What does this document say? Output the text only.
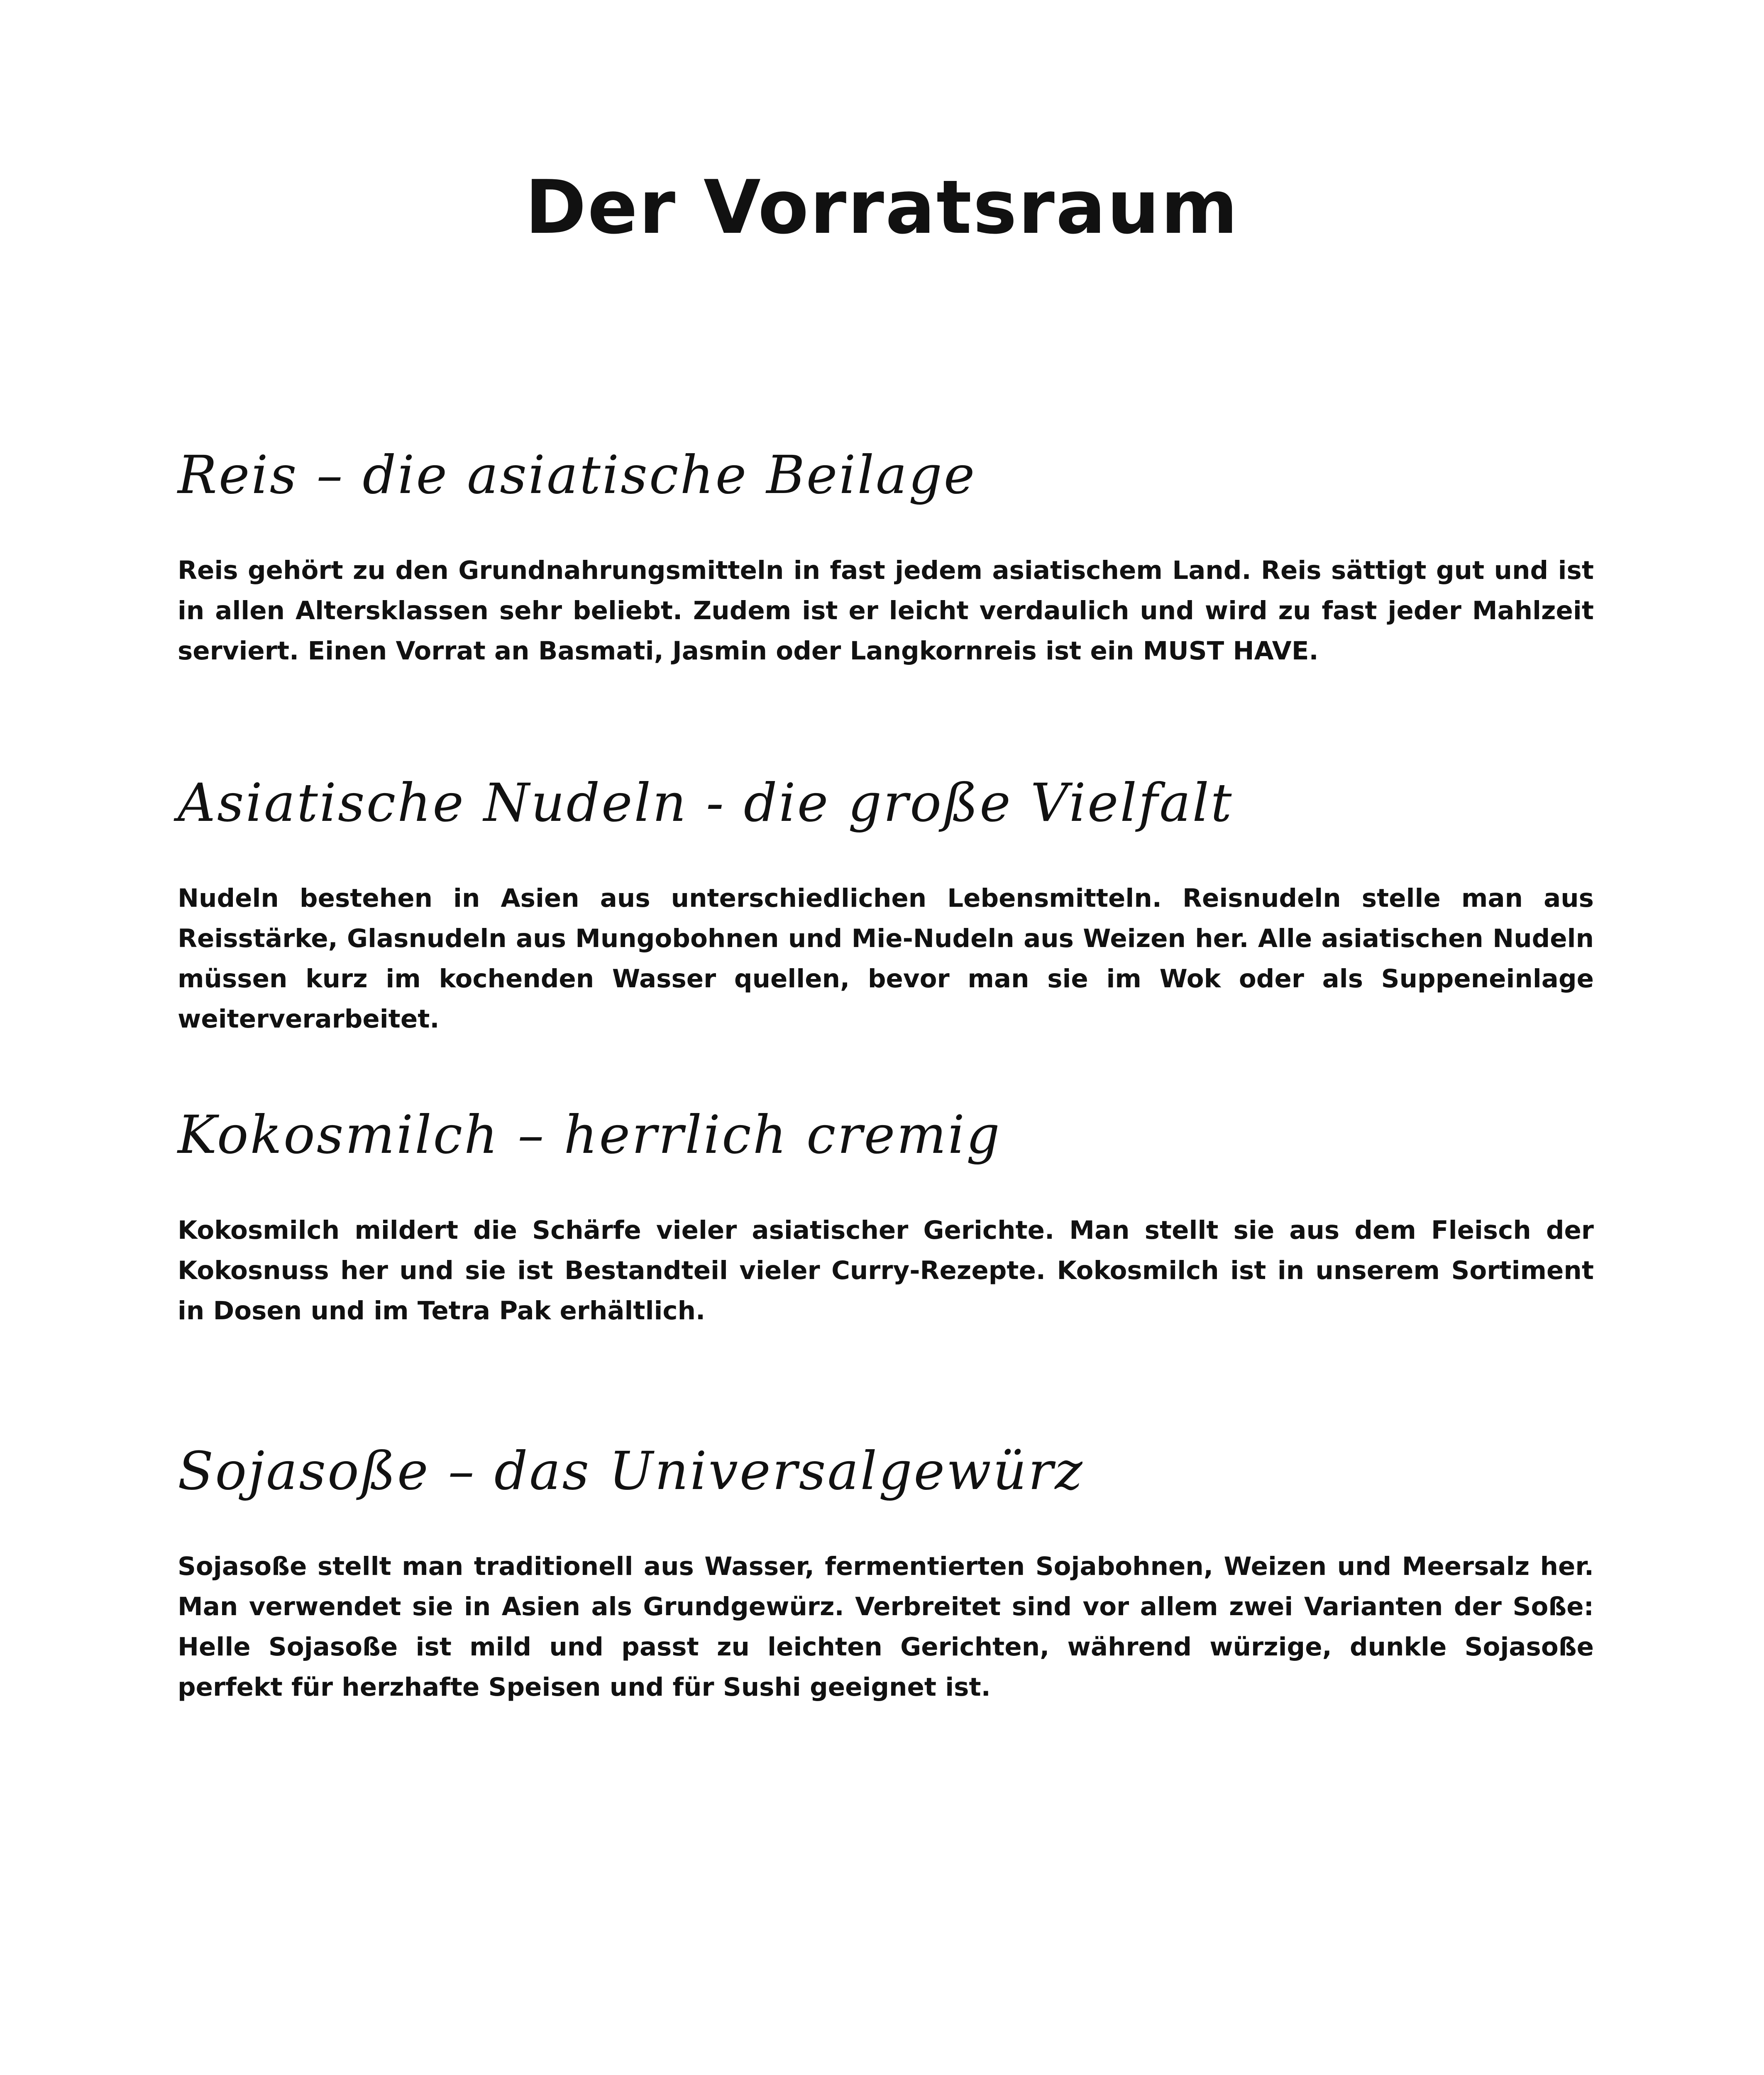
Der Vorratsraum
Reis – die asiatische Beilage

Reis gehört zu den Grundnahrungsmitteln in fast jedem asiatischem Land. Reis sättigt gut und ist in allen Altersklassen sehr beliebt. Zudem ist er leicht verdaulich und wird zu fast jeder Mahlzeit serviert. Einen Vorrat an Basmati, Jasmin oder Langkornreis ist ein MUST HAVE.

Asiatische Nudeln - die große Vielfalt

Nudeln bestehen in Asien aus unterschiedlichen Lebensmitteln. Reisnudeln stelle man aus Reisstärke, Glasnudeln aus Mungobohnen und Mie-Nudeln aus Weizen her. Alle asiatischen Nudeln müssen kurz im kochenden Wasser quellen, bevor man sie im Wok oder als Suppeneinlage weiterverarbeitet.

Kokosmilch – herrlich cremig

Kokosmilch mildert die Schärfe vieler asiatischer Gerichte. Man stellt sie aus dem Fleisch der Kokosnuss her und sie ist Bestandteil vieler Curry-Rezepte. Kokosmilch ist in unserem Sortiment in Dosen und im Tetra Pak erhältlich.

Sojasoße – das Universalgewürz

Sojasoße stellt man traditionell aus Wasser, fermentierten Sojabohnen, Weizen und Meersalz her. Man verwendet sie in Asien als Grundgewürz. Verbreitet sind vor allem zwei Varianten der Soße: Helle Sojasoße ist mild und passt zu leichten Gerichten, während würzige, dunkle Sojasoße perfekt für herzhafte Speisen und für Sushi geeignet ist.
